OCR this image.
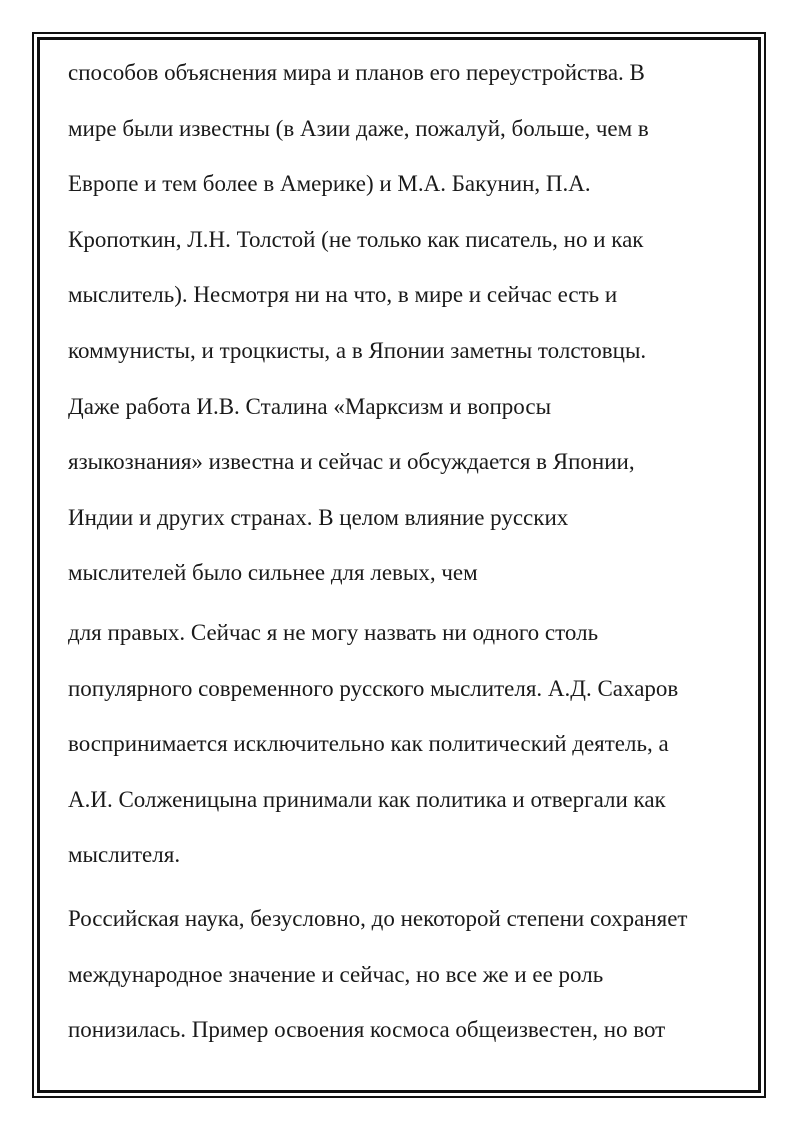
способов объяснения мира и планов его переустройства. В
мире были известны (в Азии даже, пожалуй, больше, чем в
Европе и тем более в Америке) и М.А. Бакунин, П.А.
Кропоткин, Л.Н. Толстой (не только как писатель, но и как
мыслитель). Несмотря ни на что, в мире и сейчас есть и
коммунисты, и троцкисты, а в Японии заметны толстовцы.
Даже работа И.В. Сталина «Марксизм и вопросы
языкознания» известна и сейчас и обсуждается в Японии,
Индии и других странах. В целом влияние русских
мыслителей было сильнее для левых, чем
для правых. Сейчас я не могу назвать ни одного столь
популярного современного русского мыслителя. А.Д. Сахаров
воспринимается исключительно как политический деятель, а
А.И. Солженицына принимали как политика и отвергали как
мыслителя.
Российская наука, безусловно, до некоторой степени сохраняет
международное значение и сейчас, но все же и ее роль
понизилась. Пример освоения космоса общеизвестен, но вот
